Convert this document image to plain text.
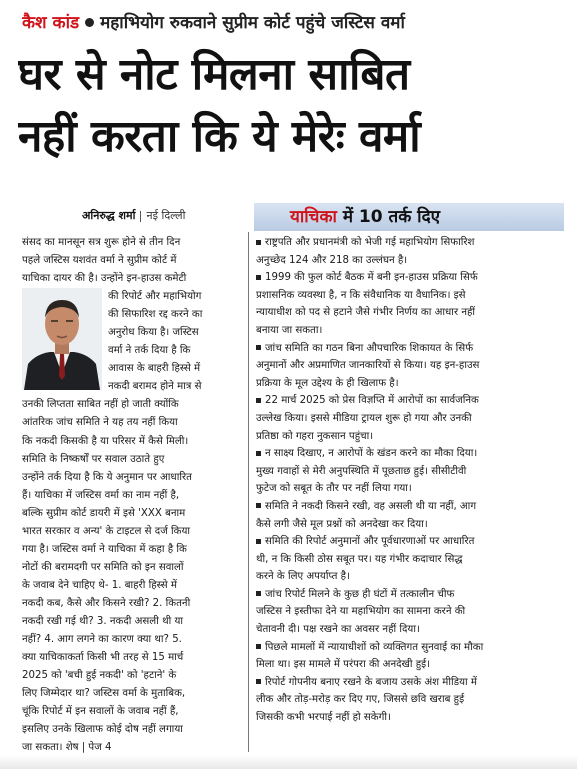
कैश कांड महाभियोग रुकवाने सुप्रीम कोर्ट पहुंचे जस्टिस वर्मा
घर से नोट मिलना साबित
नहीं करता कि ये मेरेः वर्मा
अनिरुद्ध शर्मा नई दिल्ली	याचिका में 10 तर्क दिए
संसद का मानसून सत्र शुरू होने से तीन दिन
पहले जस्टिस यशवंत वर्मा ने सुप्रीम कोर्ट में
याचिका दायर की है। उन्होंने इन-हाउस कमेटी
की रिपोर्ट और महाभियोग
की सिफारिश रद्द करने का
अनुरोध किया है। जस्टिस
वर्मा ने तर्क दिया है कि
आवास के बाहरी हिस्से में
नकदी बरामद होने मात्र से
उनकी लिप्तता साबित नहीं हो जाती क्योंकि
आंतरिक जांच समिति ने यह तय नहीं किया
कि नकदी किसकी है या परिसर में कैसे मिली।
समिति के निष्कर्षों पर सवाल उठाते हुए
उन्होंने तर्क दिया है कि ये अनुमान पर आधारित
हैं। याचिका में जस्टिस वर्मा का नाम नहीं है,
बल्कि सुप्रीम कोर्ट डायरी में इसे 'XXX बनाम
भारत सरकार व अन्य' के टाइटल से दर्ज किया
गया है। जस्टिस वर्मा ने याचिका में कहा है कि
नोटों की बरामदगी पर समिति को इन सवालों
के जवाब देने चाहिए थे- 1. बाहरी हिस्से में
नकदी कब, कैसे और किसने रखी? 2. कितनी
नकदी रखी गई थी? 3. नकदी असली थी या
नहीं? 4. आग लगने का कारण क्या था? 5.
क्या याचिकाकर्ता किसी भी तरह से 15 मार्च
2025 को 'बची हुई नकदी' को 'हटाने' के
लिए जिम्मेदार था? जस्टिस वर्मा के मुताबिक,
चूंकि रिपोर्ट में इन सवालों के जवाब नहीं हैं,
इसलिए उनके खिलाफ कोई दोष नहीं लगाया
जा सकता। शेष | पेज 4
राष्ट्रपति और प्रधानमंत्री को भेजी गई महाभियोग सिफारिश
अनुच्छेद 124 और 218 का उल्लंघन है।
1999 की फुल कोर्ट बैठक में बनी इन-हाउस प्रक्रिया सिर्फ
प्रशासनिक व्यवस्था है, न कि संवैधानिक या वैधानिक। इसे
न्यायाधीश को पद से हटाने जैसे गंभीर निर्णय का आधार नहीं
बनाया जा सकता।
जांच समिति का गठन बिना औपचारिक शिकायत के सिर्फ
अनुमानों और अप्रमाणित जानकारियों से किया। यह इन-हाउस
प्रक्रिया के मूल उद्देश्य के ही खिलाफ है।
22 मार्च 2025 को प्रेस विज्ञप्ति में आरोपों का सार्वजनिक
उल्लेख किया। इससे मीडिया ट्रायल शुरू हो गया और उनकी
प्रतिष्ठा को गहरा नुकसान पहुंचा।
न साक्ष्य दिखाए, न आरोपों के खंडन करने का मौका दिया।
मुख्य गवाहों से मेरी अनुपस्थिति में पूछताछ हुई। सीसीटीवी
फुटेज को सबूत के तौर पर नहीं लिया गया।
समिति ने नकदी किसने रखी, वह असली थी या नहीं, आग
कैसे लगी जैसे मूल प्रश्नों को अनदेखा कर दिया।
समिति की रिपोर्ट अनुमानों और पूर्वधारणाओं पर आधारित
थी, न कि किसी ठोस सबूत पर। यह गंभीर कदाचार सिद्ध
करने के लिए अपर्याप्त है।
जांच रिपोर्ट मिलने के कुछ ही घंटों में तत्कालीन चीफ
जस्टिस ने इस्तीफा देने या महाभियोग का सामना करने की
चेतावनी दी। पक्ष रखने का अवसर नहीं दिया।
पिछले मामलों में न्यायाधीशों को व्यक्तिगत सुनवाई का मौका
मिला था। इस मामले में परंपरा की अनदेखी हुई।
रिपोर्ट गोपनीय बनाए रखने के बजाय उसके अंश मीडिया में
लीक और तोड़-मरोड़ कर दिए गए, जिससे छवि खराब हुई
जिसकी कभी भरपाई नहीं हो सकेगी।
